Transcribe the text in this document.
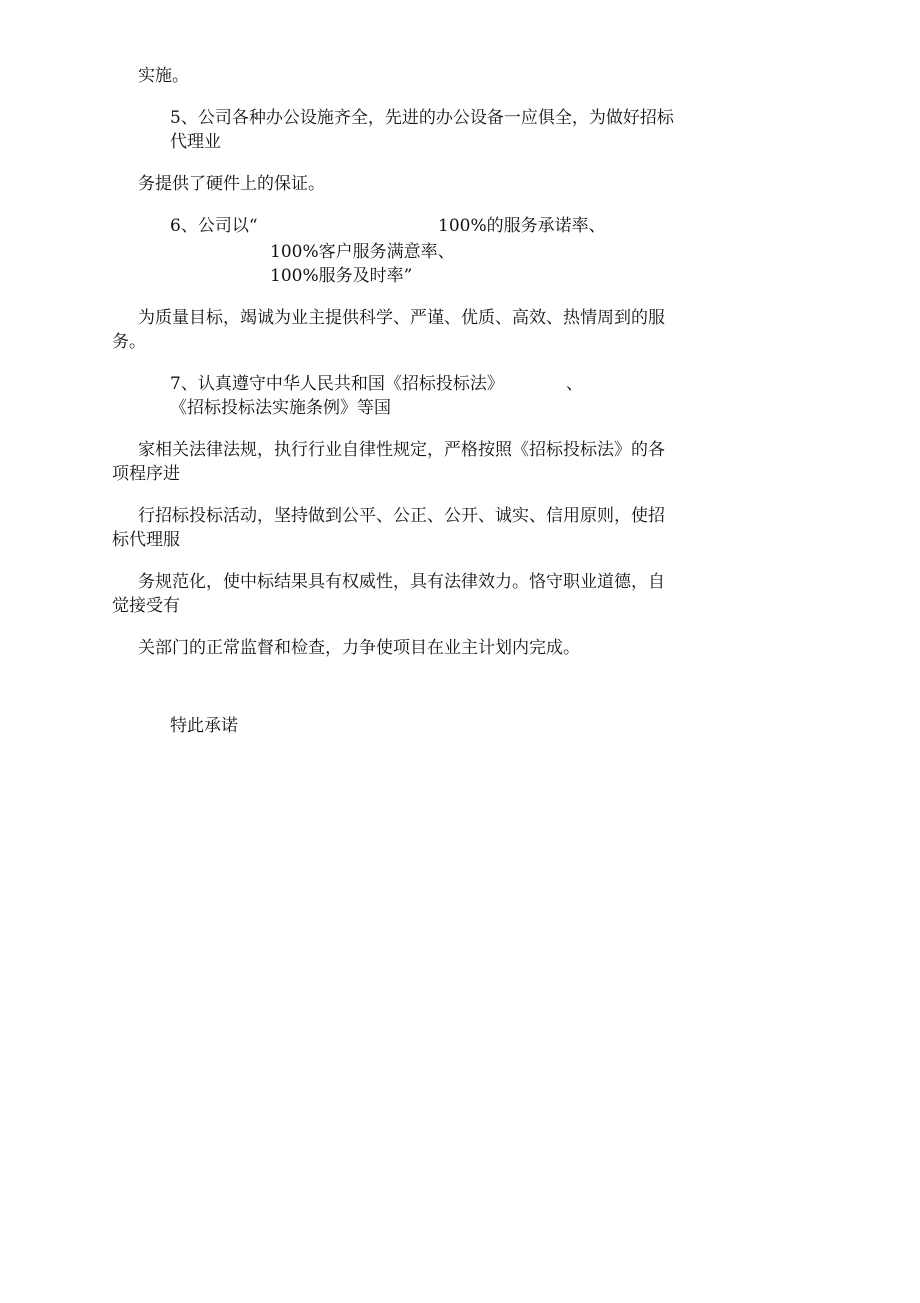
实施。

5、公司各种办公设施齐全，先进的办公设备一应俱全，为做好招标

代理业

务提供了硬件上的保证。

6、公司以“	100%的服务承诺率、

100%客户服务满意率、

100%服务及时率”

为质量目标，竭诚为业主提供科学、严谨、优质、高效、热情周到的服

务。

7、认真遵守中华人民共和国《招标投标法》	、

《招标投标法实施条例》等国

家相关法律法规，执行行业自律性规定，严格按照《招标投标法》的各

项程序进

行招标投标活动，坚持做到公平、公正、公开、诚实、信用原则，使招

标代理服

务规范化，使中标结果具有权威性，具有法律效力。恪守职业道德，自

觉接受有

关部门的正常监督和检查，力争使项目在业主计划内完成。

特此承诺
